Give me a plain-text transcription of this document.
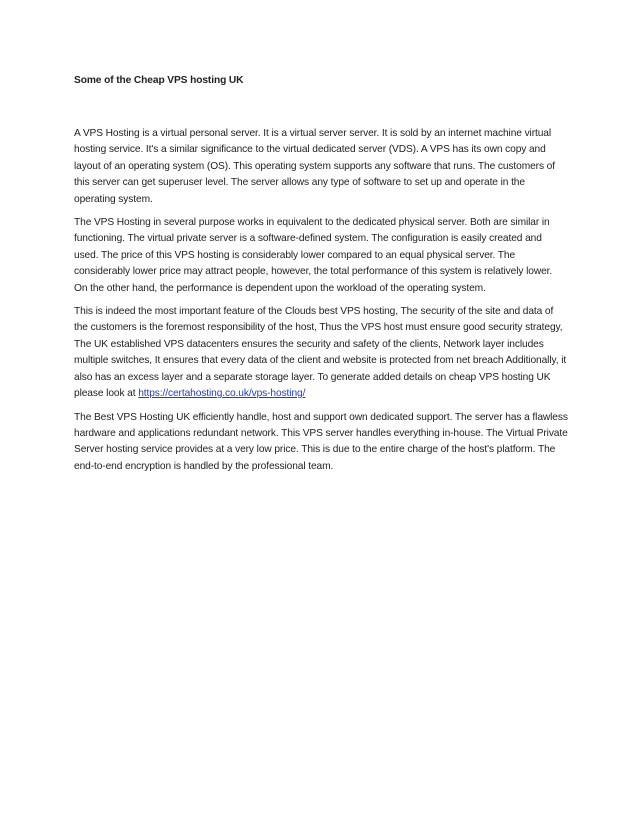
Some of the Cheap VPS hosting UK

A VPS Hosting is a virtual personal server. It is a virtual server server. It is sold by an internet machine virtual hosting service. It's a similar significance to the virtual dedicated server (VDS). A VPS has its own copy and layout of an operating system (OS). This operating system supports any software that runs. The customers of this server can get superuser level. The server allows any type of software to set up and operate in the operating system.

The VPS Hosting in several purpose works in equivalent to the dedicated physical server. Both are similar in functioning. The virtual private server is a software-defined system. The configuration is easily created and used. The price of this VPS hosting is considerably lower compared to an equal physical server. The considerably lower price may attract people, however, the total performance of this system is relatively lower. On the other hand, the performance is dependent upon the workload of the operating system.

This is indeed the most important feature of the Clouds best VPS hosting, The security of the site and data of the customers is the foremost responsibility of the host, Thus the VPS host must ensure good security strategy, The UK established VPS datacenters ensures the security and safety of the clients, Network layer includes multiple switches, It ensures that every data of the client and website is protected from net breach Additionally, it also has an excess layer and a separate storage layer. To generate added details on cheap VPS hosting UK please look at https://certahosting.co.uk/vps-hosting/

The Best VPS Hosting UK efficiently handle, host and support own dedicated support. The server has a flawless hardware and applications redundant network. This VPS server handles everything in-house. The Virtual Private Server hosting service provides at a very low price. This is due to the entire charge of the host's platform. The end-to-end encryption is handled by the professional team.
